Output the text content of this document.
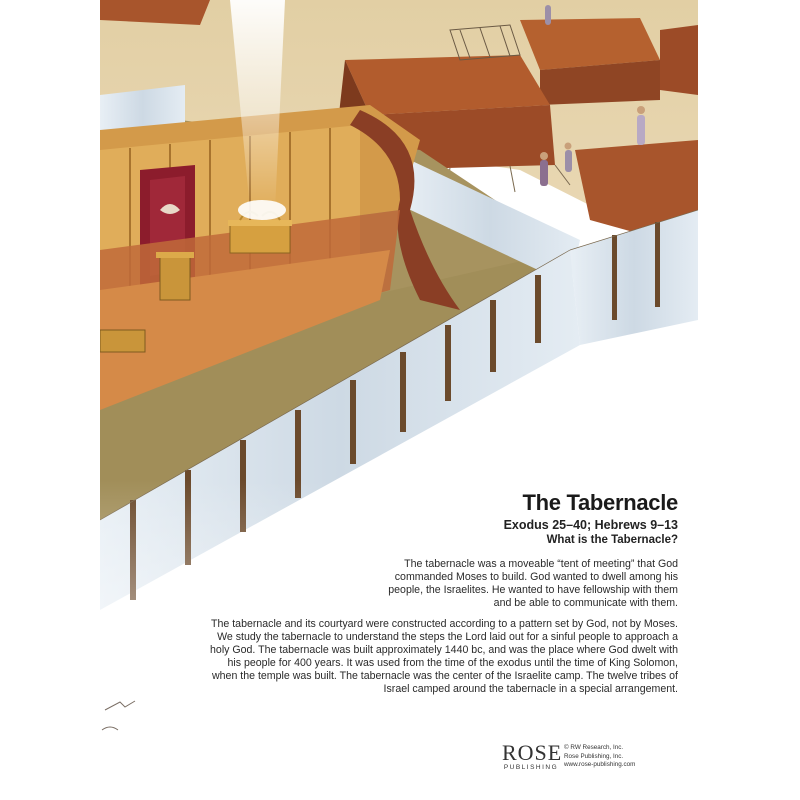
The Tabernacle
Exodus 25–40; Hebrews 9–13
What is the Tabernacle?

The tabernacle was a moveable “tent of meeting” that God commanded Moses to build. God wanted to dwell among his people, the Israelites. He wanted to have fellowship with them and be able to communicate with them.

The tabernacle and its courtyard were constructed according to a pattern set by God, not by Moses. We study the tabernacle to understand the steps the Lord laid out for a sinful people to approach a holy God. The tabernacle was built approximately 1440 bc, and was the place where God dwelt with his people for 400 years. It was used from the time of the exodus until the time of King Solomon, when the temple was built. The tabernacle was the center of the Israelite camp. The twelve tribes of Israel camped around the tabernacle in a special arrangement.

ROSE
PUBLISHING
© RW Research, Inc.
Rose Publishing, Inc.
www.rose-publishing.com
